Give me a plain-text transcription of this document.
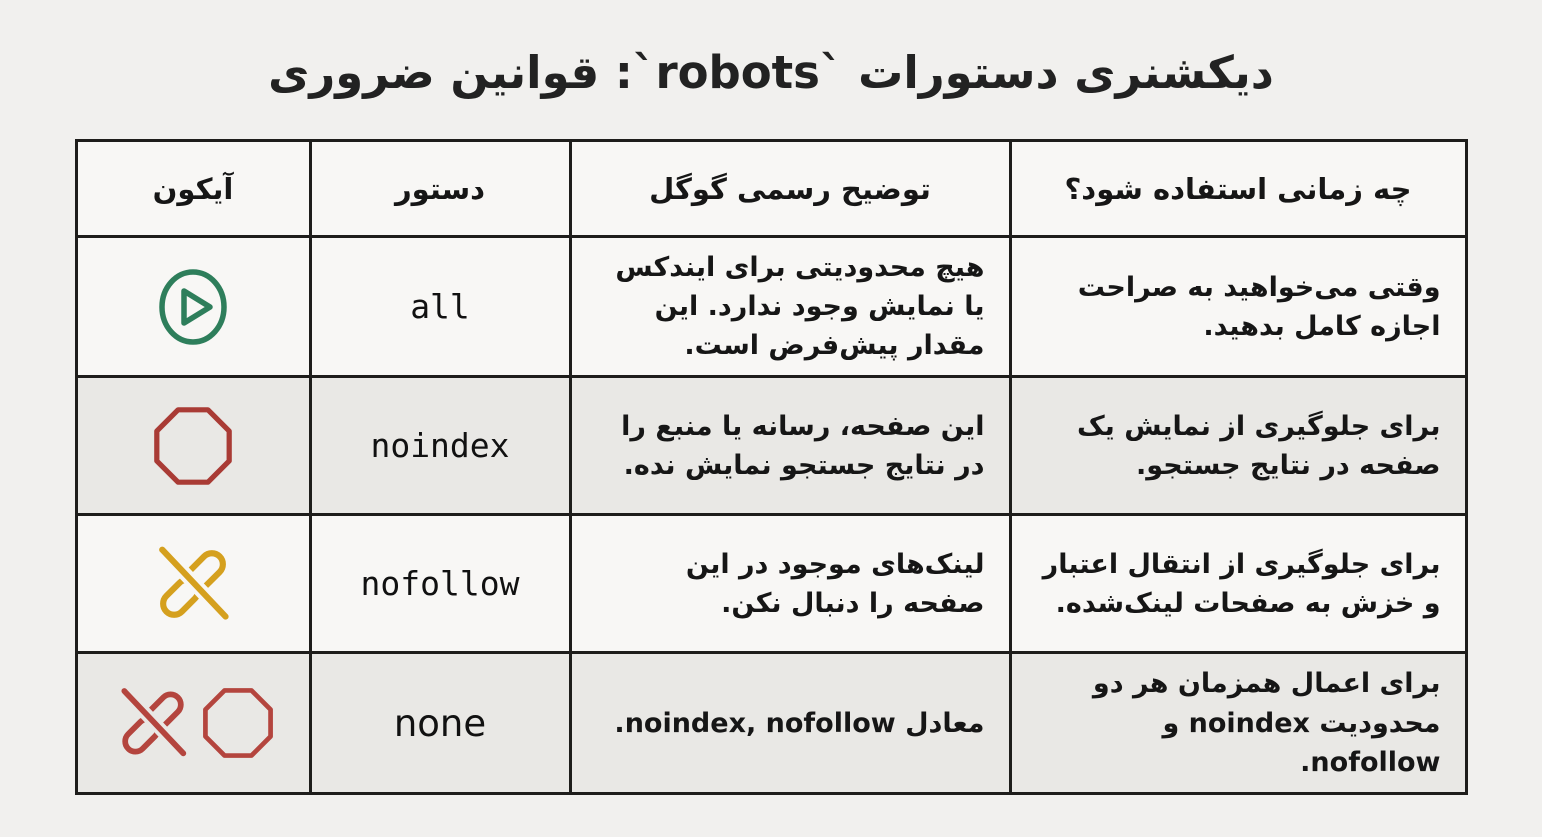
دیکشنری دستورات `robots`: قوانین ضروری
چه زمانی استفاده شود؟	توضیح رسمی گوگل	دستور	آیکون
وقتی می‌خواهید به صراحت اجازه کامل بدهید.	هیچ محدودیتی برای ایندکس یا نمایش وجود ندارد. این مقدار پیش‌فرض است.	all	

برای جلوگیری از نمایش یک صفحه در نتایج جستجو.	این صفحه، رسانه یا منبع را در نتایج جستجو نمایش نده.	noindex	

برای جلوگیری از انتقال اعتبار و خزش به صفحات لینک‌شده.	لینک‌های موجود در این صفحه را دنبال نکن.	nofollow	

برای اعمال همزمان هر دو محدودیت noindex و nofollow.	معادل noindex, nofollow.	none	
